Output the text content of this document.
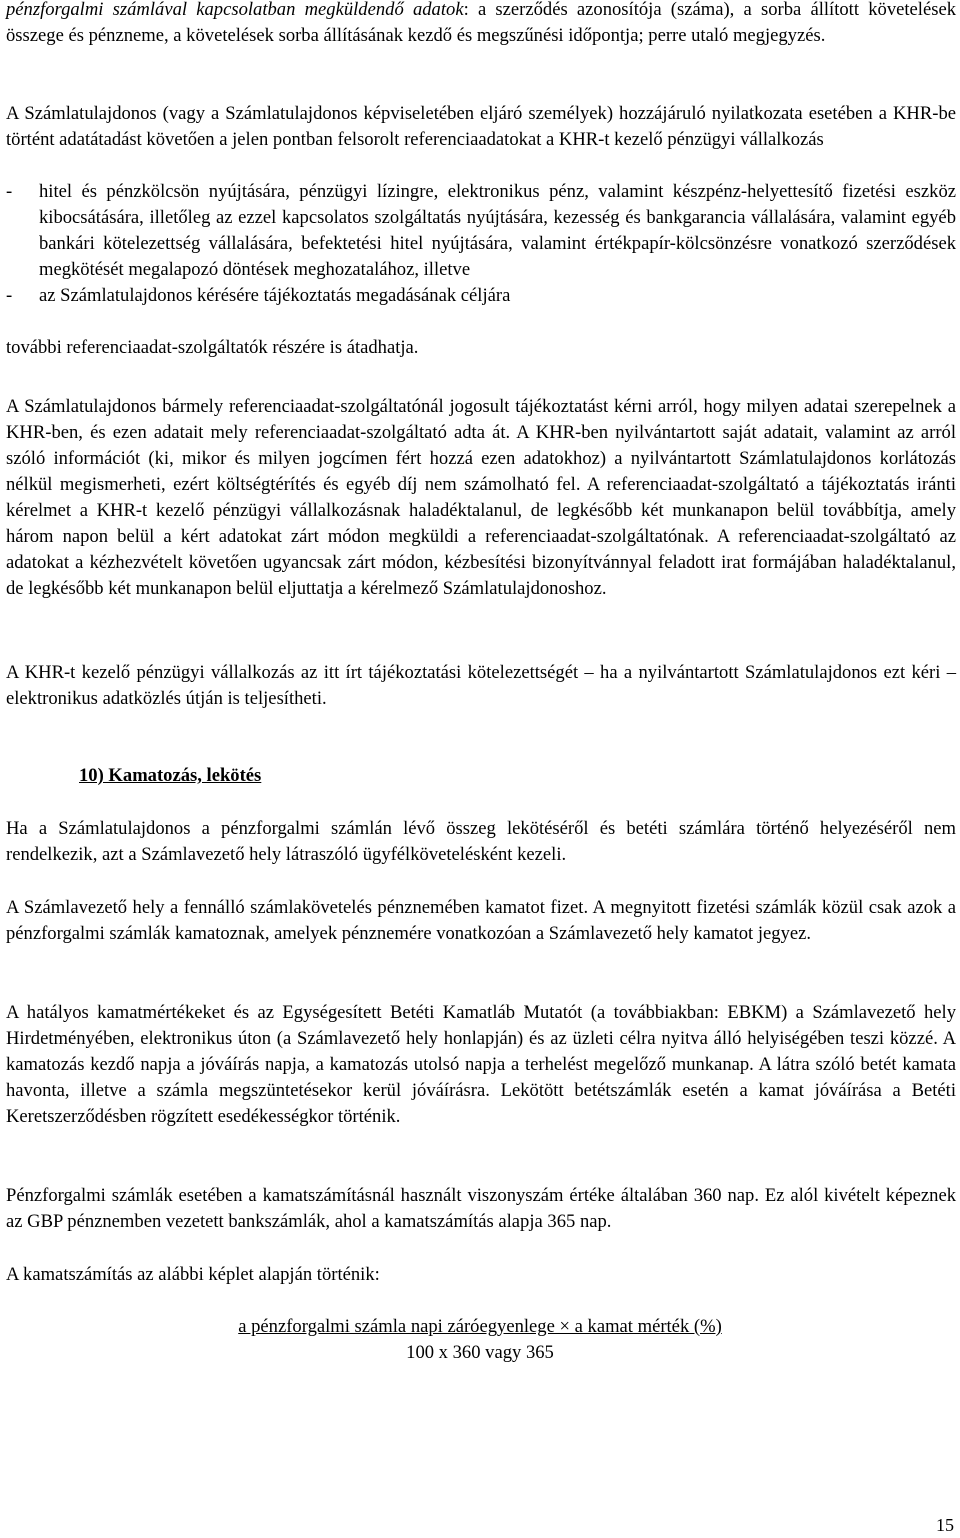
pénzforgalmi számlával kapcsolatban megküldendő adatok: a szerződés azonosítója (száma), a sorba állított követelések összege és pénzneme, a követelések sorba állításának kezdő és megszűnési időpontja; perre utaló megjegyzés.

A Számlatulajdonos (vagy a Számlatulajdonos képviseletében eljáró személyek) hozzájáruló nyilatkozata esetében a KHR-be történt adatátadást követően a jelen pontban felsorolt referenciaadatokat a KHR-t kezelő pénzügyi vállalkozás

-	hitel és pénzkölcsön nyújtására, pénzügyi lízingre, elektronikus pénz, valamint készpénz-helyettesítő fizetési eszköz kibocsátására, illetőleg az ezzel kapcsolatos szolgáltatás nyújtására, kezesség és bankgarancia vállalására, valamint egyéb bankári kötelezettség vállalására, befektetési hitel nyújtására, valamint értékpapír-kölcsönzésre vonatkozó szerződések megkötését megalapozó döntések meghozatalához, illetve
-	az Számlatulajdonos kérésére tájékoztatás megadásának céljára

további referenciaadat-szolgáltatók részére is átadhatja.

A Számlatulajdonos bármely referenciaadat-szolgáltatónál jogosult tájékoztatást kérni arról, hogy milyen adatai szerepelnek a KHR-ben, és ezen adatait mely referenciaadat-szolgáltató adta át. A KHR-ben nyilvántartott saját adatait, valamint az arról szóló információt (ki, mikor és milyen jogcímen fért hozzá ezen adatokhoz) a nyilvántartott Számlatulajdonos korlátozás nélkül megismerheti, ezért költségtérítés és egyéb díj nem számolható fel. A referenciaadat-szolgáltató a tájékoztatás iránti kérelmet a KHR-t kezelő pénzügyi vállalkozásnak haladéktalanul, de legkésőbb két munkanapon belül továbbítja, amely három napon belül a kért adatokat zárt módon megküldi a referenciaadat-szolgáltatónak. A referenciaadat-szolgáltató az adatokat a kézhezvételt követően ugyancsak zárt módon, kézbesítési bizonyítvánnyal feladott irat formájában haladéktalanul, de legkésőbb két munkanapon belül eljuttatja a kérelmező Számlatulajdonoshoz.

A KHR-t kezelő pénzügyi vállalkozás az itt írt tájékoztatási kötelezettségét – ha a nyilvántartott Számlatulajdonos ezt kéri – elektronikus adatközlés útján is teljesítheti.

10) Kamatozás, lekötés

Ha a Számlatulajdonos a pénzforgalmi számlán lévő összeg lekötéséről és betéti számlára történő helyezéséről nem rendelkezik, azt a Számlavezető hely látraszóló ügyfélkövetelésként kezeli.

A Számlavezető hely a fennálló számlakövetelés pénznemében kamatot fizet. A megnyitott fizetési számlák közül csak azok a pénzforgalmi számlák kamatoznak, amelyek pénznemére vonatkozóan a Számlavezető hely kamatot jegyez.

A hatályos kamatmértékeket és az Egységesített Betéti Kamatláb Mutatót (a továbbiakban: EBKM) a Számlavezető hely Hirdetményében, elektronikus úton (a Számlavezető hely honlapján) és az üzleti célra nyitva álló helyiségében teszi közzé. A kamatozás kezdő napja a jóváírás napja, a kamatozás utolsó napja a terhelést megelőző munkanap. A látra szóló betét kamata havonta, illetve a számla megszüntetésekor kerül jóváírásra. Lekötött betétszámlák esetén a kamat jóváírása a Betéti Keretszerződésben rögzített esedékességkor történik.

Pénzforgalmi számlák esetében a kamatszámításnál használt viszonyszám értéke általában 360 nap. Ez alól kivételt képeznek az GBP pénznemben vezetett bankszámlák, ahol a kamatszámítás alapja 365 nap.

A kamatszámítás az alábbi képlet alapján történik:

a pénzforgalmi számla napi záróegyenlege × a kamat mérték (%)

100 x 360 vagy 365

15
